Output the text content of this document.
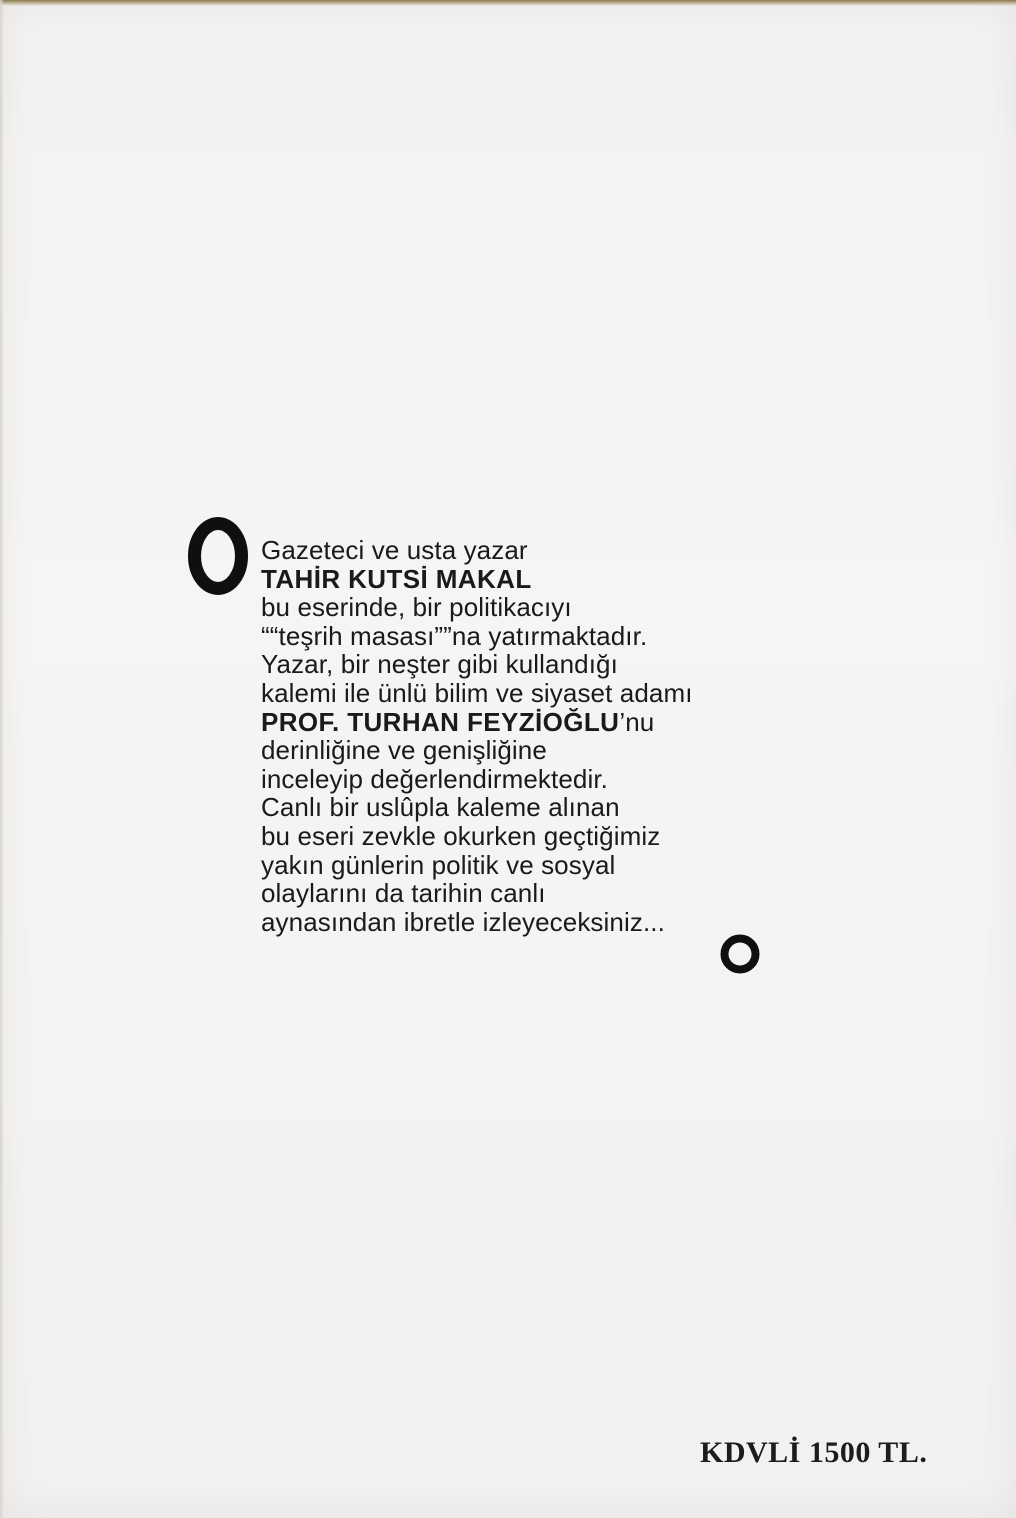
Gazeteci ve usta yazar
TAHİR KUTSİ MAKAL
bu eserinde, bir politikacıyı
““teşrih masası””na yatırmaktadır.
Yazar, bir neşter gibi kullandığı
kalemi ile ünlü bilim ve siyaset adamı
PROF. TURHAN FEYZİOĞLU’nu
derinliğine ve genişliğine
inceleyip değerlendirmektedir.
Canlı bir uslûpla kaleme alınan
bu eseri zevkle okurken geçtiğimiz
yakın günlerin politik ve sosyal
olaylarını da tarihin canlı
aynasından ibretle izleyeceksiniz...
KDVLİ 1500 TL.
